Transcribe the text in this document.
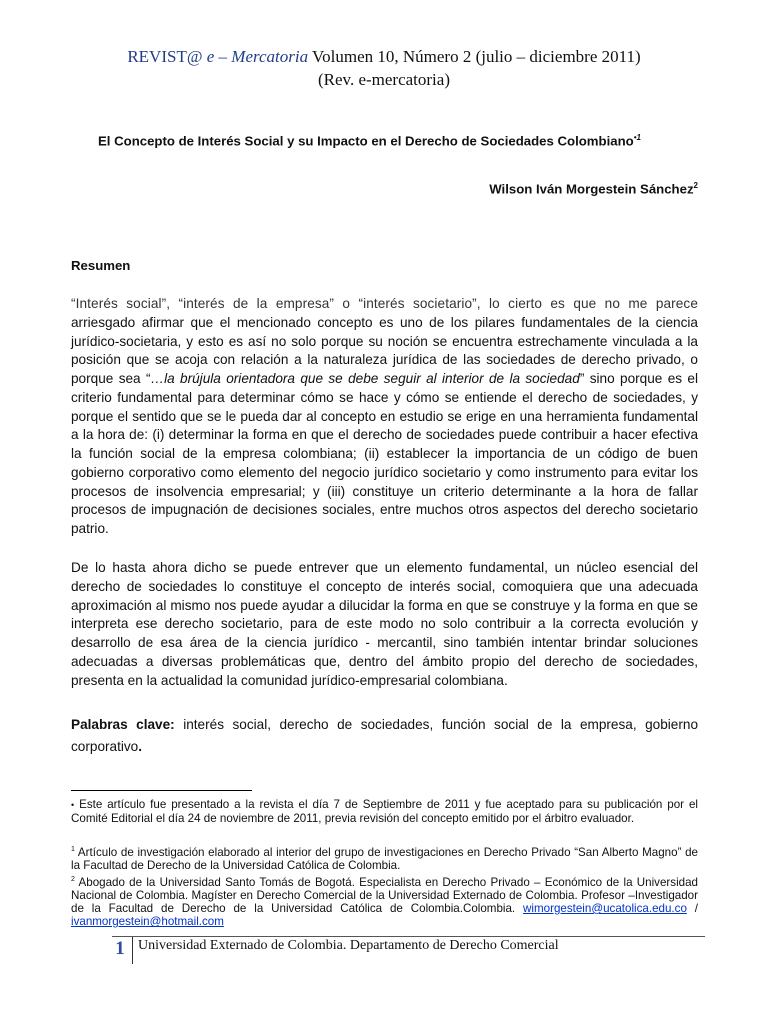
REVIST@ e – Mercatoria Volumen 10, Número 2 (julio – diciembre 2011)
(Rev. e-mercatoria)
El Concepto de Interés Social y su Impacto en el Derecho de Sociedades Colombiano$^{•1}$
Wilson Iván Morgestein Sánchez$^2$
Resumen
“Interés social”, “interés de la empresa” o “interés societario”, lo cierto es que no me parece arriesgado afirmar que el mencionado concepto es uno de los pilares fundamentales de la ciencia jurídico-societaria, y esto es así no solo porque su noción se encuentra estrechamente vinculada a la posición que se acoja con relación a la naturaleza jurídica de las sociedades de derecho privado, o porque sea “…la brújula orientadora que se debe seguir al interior de la sociedad” sino porque es el criterio fundamental para determinar cómo se hace y cómo se entiende el derecho de sociedades, y porque el sentido que se le pueda dar al concepto en estudio se erige en una herramienta fundamental a la hora de: (i) determinar la forma en que el derecho de sociedades puede contribuir a hacer efectiva la función social de la empresa colombiana; (ii) establecer la importancia de un código de buen gobierno corporativo como elemento del negocio jurídico societario y como instrumento para evitar los procesos de insolvencia empresarial; y (iii) constituye un criterio determinante a la hora de fallar procesos de impugnación de decisiones sociales, entre muchos otros aspectos del derecho societario patrio.
De lo hasta ahora dicho se puede entrever que un elemento fundamental, un núcleo esencial del derecho de sociedades lo constituye el concepto de interés social, comoquiera que una adecuada aproximación al mismo nos puede ayudar a dilucidar la forma en que se construye y la forma en que se interpreta ese derecho societario, para de este modo no solo contribuir a la correcta evolución y desarrollo de esa área de la ciencia jurídico - mercantil, sino también intentar brindar soluciones adecuadas a diversas problemáticas que, dentro del ámbito propio del derecho de sociedades, presenta en la actualidad la comunidad jurídico-empresarial colombiana.
Palabras clave: interés social, derecho de sociedades, función social de la empresa, gobierno corporativo.
• Este artículo fue presentado a la revista el día 7 de Septiembre de 2011 y fue aceptado para su publicación por el Comité Editorial el día 24 de noviembre de 2011, previa revisión del concepto emitido por el árbitro evaluador.
$^1$ Artículo de investigación elaborado al interior del grupo de investigaciones en Derecho Privado “San Alberto Magno” de la Facultad de Derecho de la Universidad Católica de Colombia.
$^2$ Abogado de la Universidad Santo Tomás de Bogotá. Especialista en Derecho Privado – Económico de la Universidad Nacional de Colombia. Magíster en Derecho Comercial de la Universidad Externado de Colombia. Profesor –Investigador de la Facultad de Derecho de la Universidad Católica de Colombia.Colombia. wimorgestein@ucatolica.edu.co / ivanmorgestein@hotmail.com
1 Universidad Externado de Colombia. Departamento de Derecho Comercial
